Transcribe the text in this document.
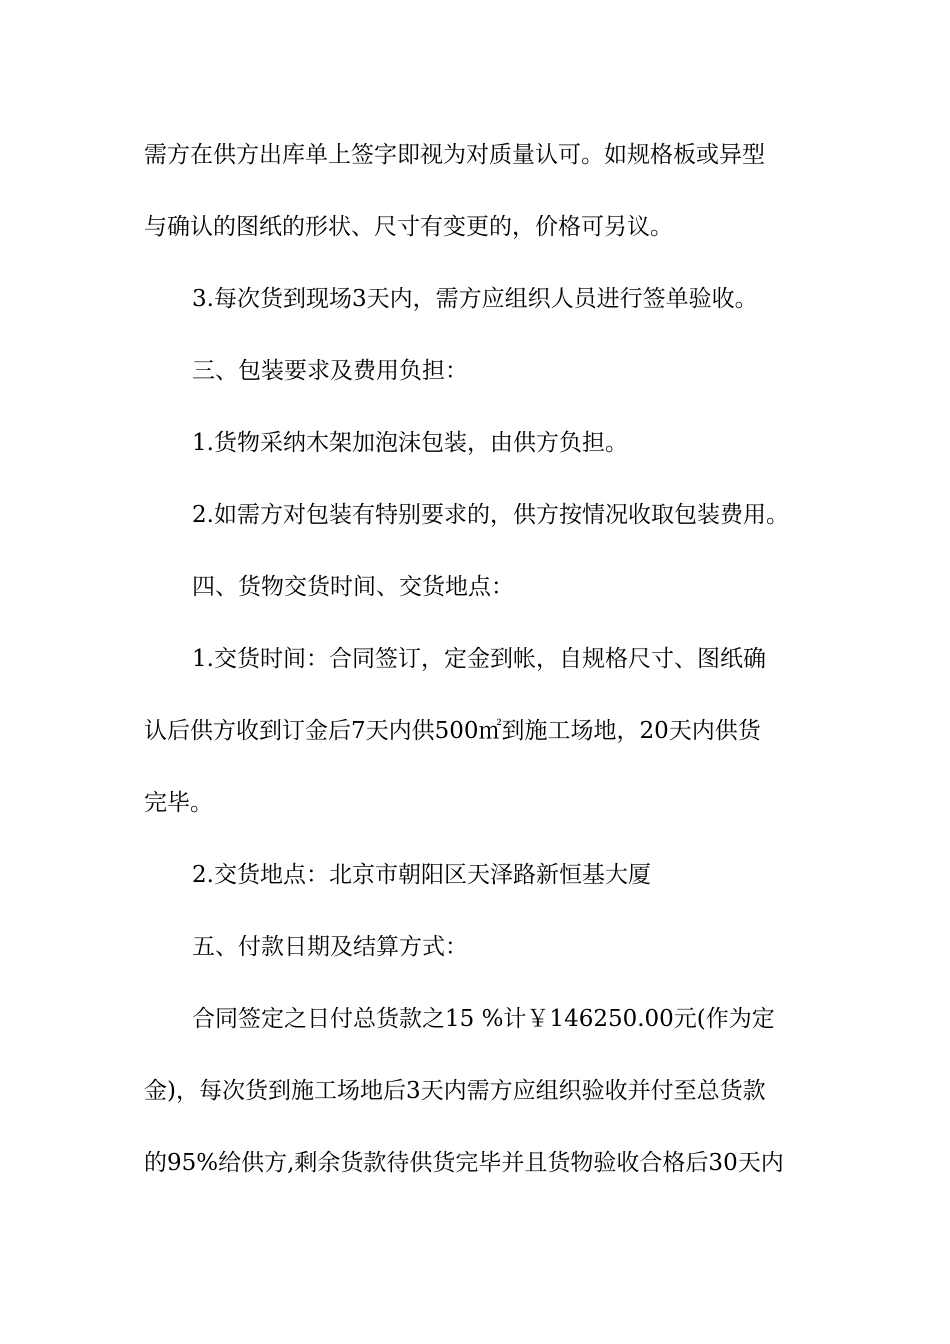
需方在供方出库单上签字即视为对质量认可。如规格板或异型
与确认的图纸的形状、尺寸有变更的，价格可另议。
3.每次货到现场3天内，需方应组织人员进行签单验收。
三、包装要求及费用负担：
1.货物采纳木架加泡沫包装，由供方负担。
2.如需方对包装有特别要求的，供方按情况收取包装费用。
四、货物交货时间、交货地点：
1.交货时间：合同签订，定金到帐，自规格尺寸、图纸确
认后供方收到订金后7天内供500㎡到施工场地，20天内供货
完毕。
2.交货地点：北京市朝阳区天泽路新恒基大厦
五、付款日期及结算方式：
合同签定之日付总货款之15 %计￥146250.00元(作为定
金)，每次货到施工场地后3天内需方应组织验收并付至总货款
的95%给供方,剩余货款待供货完毕并且货物验收合格后30天内
